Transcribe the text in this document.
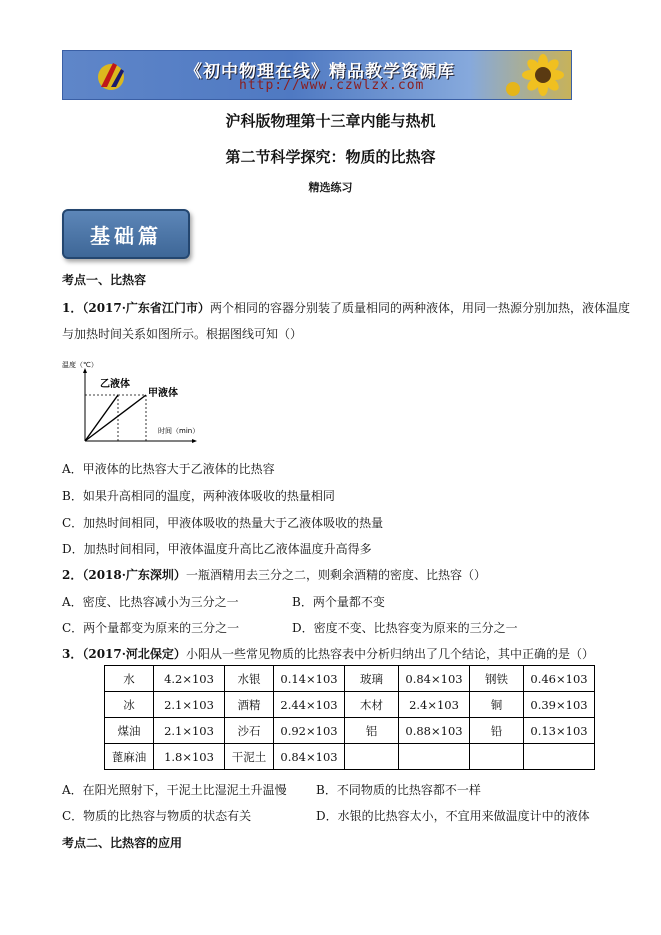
《初中物理在线》精品教学资源库
http://www.czwlzx.com
沪科版物理第十三章内能与热机
第二节科学探究：物质的比热容
精选练习
基础篇
考点一、比热容
1．（2017·广东省江门市）两个相同的容器分别装了质量相同的两种液体，用同一热源分别加热，液体温度
与加热时间关系如图所示。根据图线可知（）
温度（℃）
时间（min）
乙液体
甲液体
A．甲液体的比热容大于乙液体的比热容
B．如果升高相同的温度，两种液体吸收的热量相同
C．加热时间相同，甲液体吸收的热量大于乙液体吸收的热量
D．加热时间相同，甲液体温度升高比乙液体温度升高得多
2．（2018·广东深圳）一瓶酒精用去三分之二，则剩余酒精的密度、比热容（）
A．密度、比热容减小为三分之一	B．两个量都不变
C．两个量都变为原来的三分之一	D．密度不变、比热容变为原来的三分之一
3．（2017·河北保定）小阳从一些常见物质的比热容表中分析归纳出了几个结论，其中正确的是（）
水	4.2×103	水银	0.14×103	玻璃	0.84×103	钢铁	0.46×103
冰	2.1×103	酒精	2.44×103	木材	2.4×103	铜	0.39×103
煤油	2.1×103	沙石	0.92×103	铝	0.88×103	铅	0.13×103
蓖麻油	1.8×103	干泥土	0.84×103				
A．在阳光照射下，干泥土比湿泥土升温慢 B．不同物质的比热容都不一样
C．物质的比热容与物质的状态有关	D．水银的比热容太小，不宜用来做温度计中的液体
考点二、比热容的应用
